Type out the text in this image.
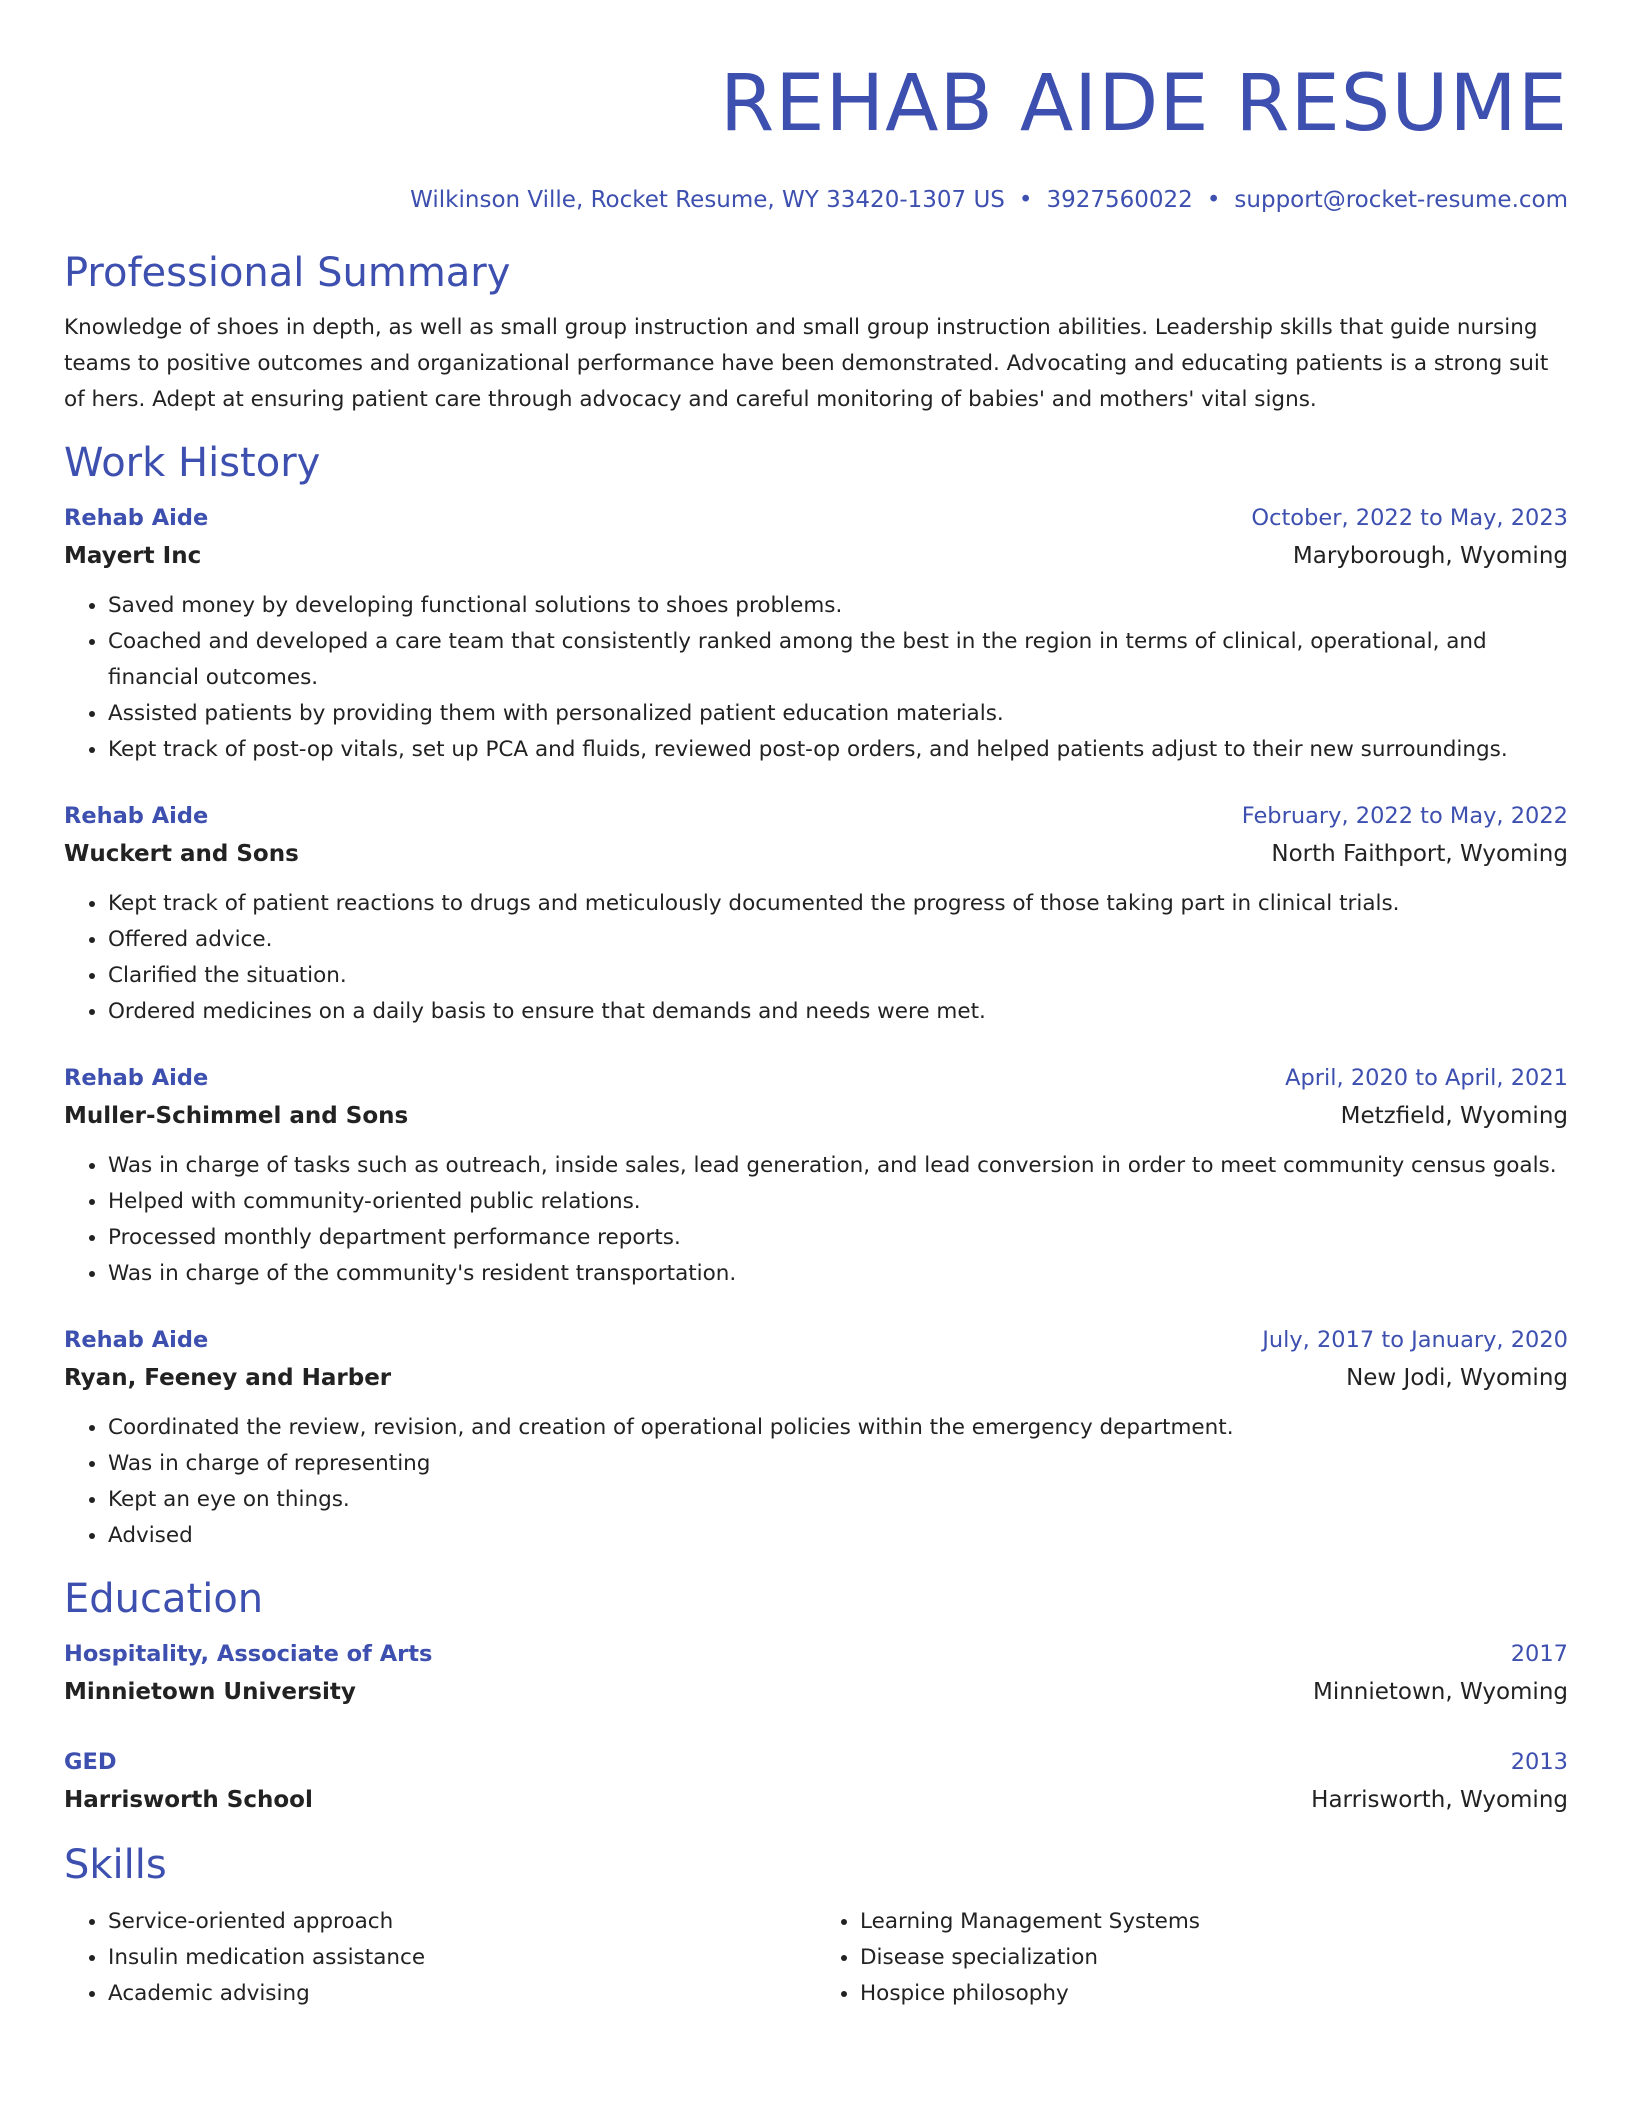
REHAB AIDE RESUME
Wilkinson Ville, Rocket Resume, WY 33420-1307 US • 3927560022 • support@rocket-resume.com
Professional Summary
Knowledge of shoes in depth, as well as small group instruction and small group instruction abilities. Leadership skills that guide nursing teams to positive outcomes and organizational performance have been demonstrated. Advocating and educating patients is a strong suit of hers. Adept at ensuring patient care through advocacy and careful monitoring of babies' and mothers' vital signs.
Work History
Rehab Aide	October, 2022 to May, 2023
Mayert Inc	Maryborough, Wyoming
• Saved money by developing functional solutions to shoes problems.
• Coached and developed a care team that consistently ranked among the best in the region in terms of clinical, operational, and financial outcomes.
• Assisted patients by providing them with personalized patient education materials.
• Kept track of post-op vitals, set up PCA and fluids, reviewed post-op orders, and helped patients adjust to their new surroundings.
Rehab Aide	February, 2022 to May, 2022
Wuckert and Sons	North Faithport, Wyoming
• Kept track of patient reactions to drugs and meticulously documented the progress of those taking part in clinical trials.
• Offered advice.
• Clarified the situation.
• Ordered medicines on a daily basis to ensure that demands and needs were met.
Rehab Aide	April, 2020 to April, 2021
Muller-Schimmel and Sons	Metzfield, Wyoming
• Was in charge of tasks such as outreach, inside sales, lead generation, and lead conversion in order to meet community census goals.
• Helped with community-oriented public relations.
• Processed monthly department performance reports.
• Was in charge of the community's resident transportation.
Rehab Aide	July, 2017 to January, 2020
Ryan, Feeney and Harber	New Jodi, Wyoming
• Coordinated the review, revision, and creation of operational policies within the emergency department.
• Was in charge of representing
• Kept an eye on things.
• Advised
Education
Hospitality, Associate of Arts	2017
Minnietown University	Minnietown, Wyoming
GED	2013
Harrisworth School	Harrisworth, Wyoming
Skills
• Service-oriented approach
• Insulin medication assistance
• Academic advising
• Learning Management Systems
• Disease specialization
• Hospice philosophy
